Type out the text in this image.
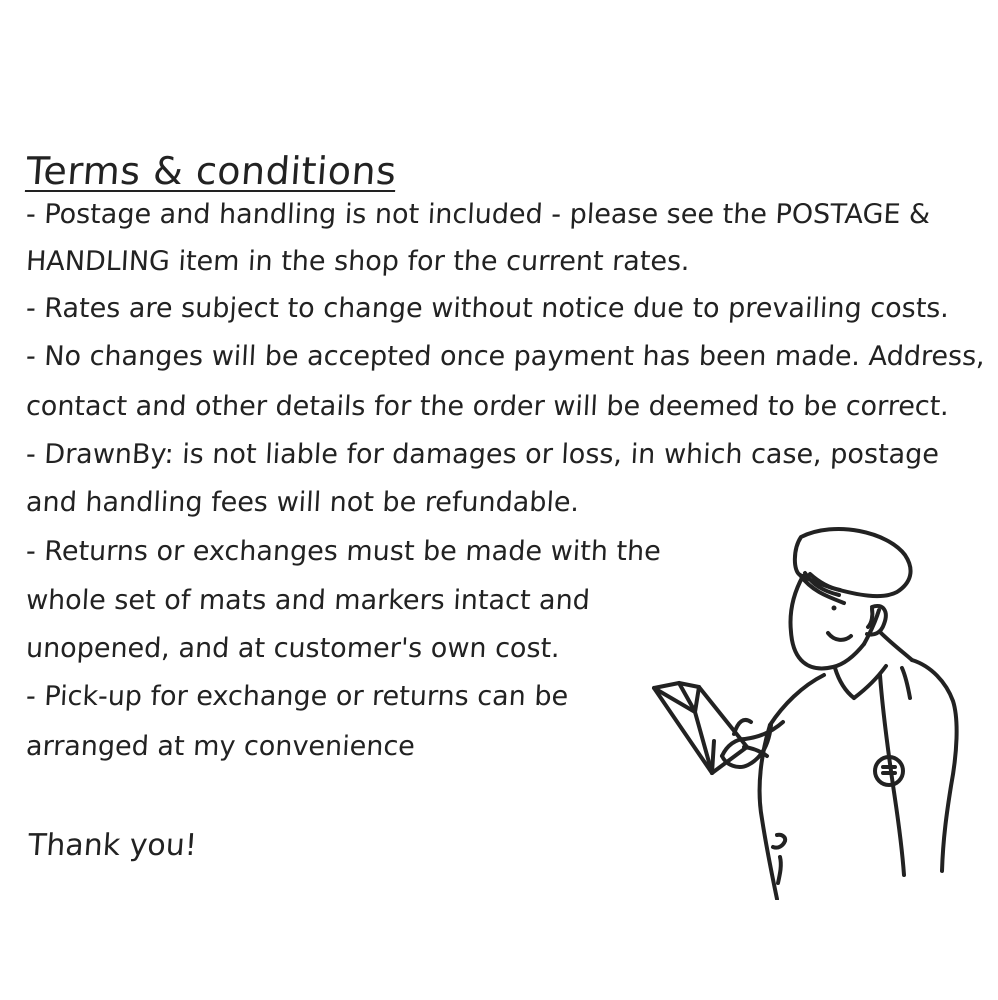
Terms & conditions
- Postage and handling is not included - please see the POSTAGE &
HANDLING item in the shop for the current rates.
- Rates are subject to change without notice due to prevailing costs.
- No changes will be accepted once payment has been made. Address,
contact and other details for the order will be deemed to be correct.
- DrawnBy: is not liable for damages or loss, in which case, postage
and handling fees will not be refundable.
- Returns or exchanges must be made with the
whole set of mats and markers intact and
unopened, and at customer's own cost.
- Pick-up for exchange or returns can be
arranged at my convenience
Thank you!
